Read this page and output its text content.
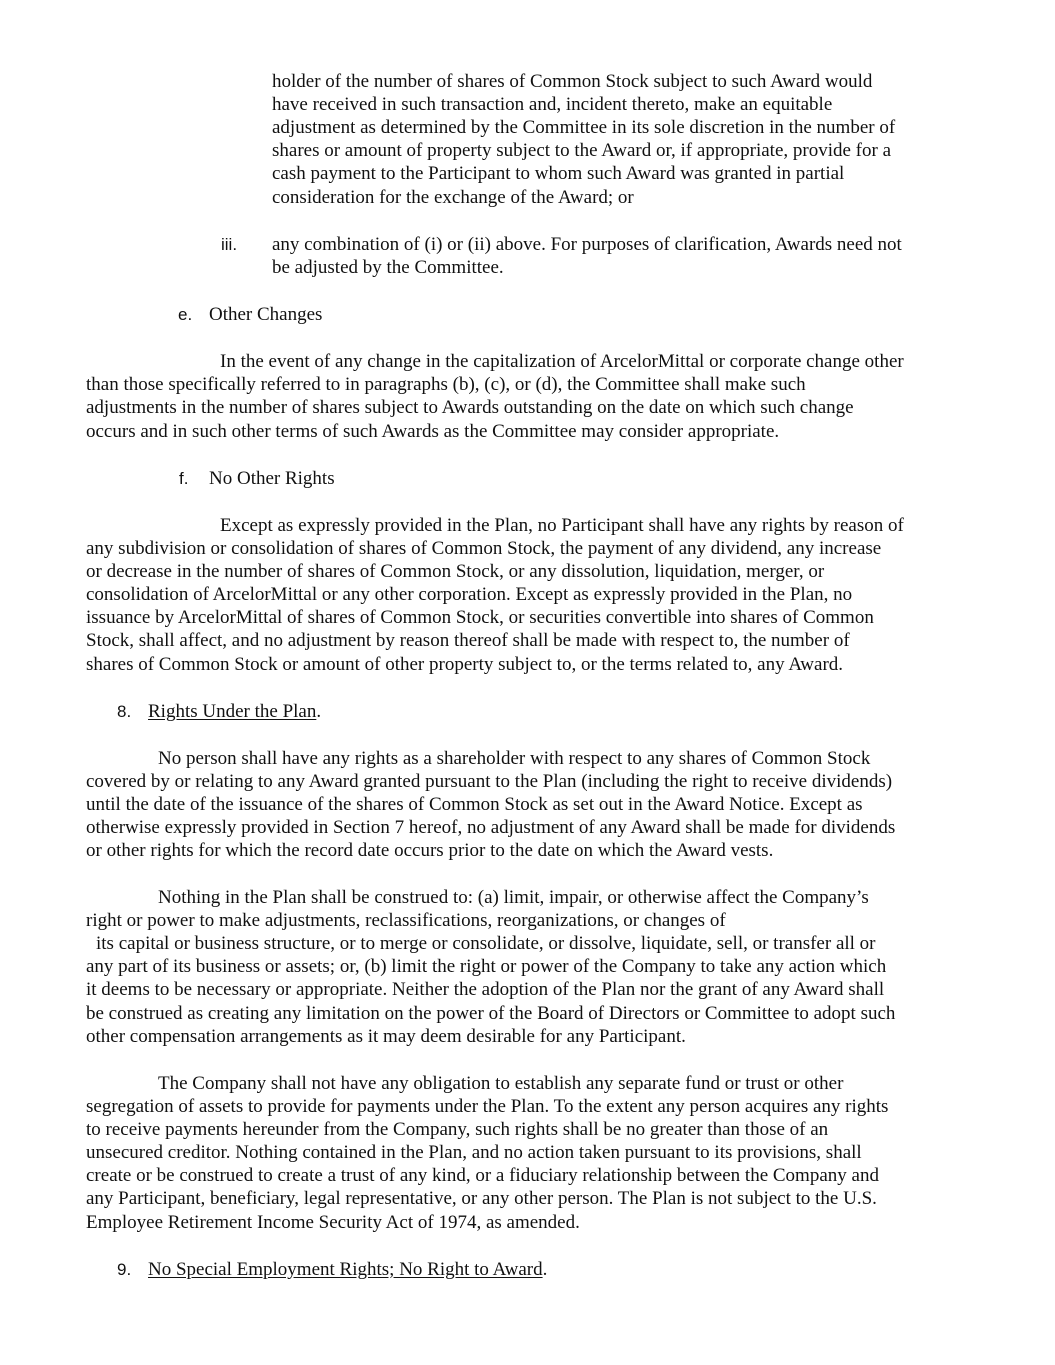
holder of the number of shares of Common Stock subject to such Award would
have received in such transaction and, incident thereto, make an equitable
adjustment as determined by the Committee in its sole discretion in the number of
shares or amount of property subject to the Award or, if appropriate, provide for a
cash payment to the Participant to whom such Award was granted in partial
consideration for the exchange of the Award; or
iii. any combination of (i) or (ii) above. For purposes of clarification, Awards need not
be adjusted by the Committee.
e. Other Changes
In the event of any change in the capitalization of ArcelorMittal or corporate change other
than those specifically referred to in paragraphs (b), (c), or (d), the Committee shall make such
adjustments in the number of shares subject to Awards outstanding on the date on which such change
occurs and in such other terms of such Awards as the Committee may consider appropriate.
f. No Other Rights
Except as expressly provided in the Plan, no Participant shall have any rights by reason of
any subdivision or consolidation of shares of Common Stock, the payment of any dividend, any increase
or decrease in the number of shares of Common Stock, or any dissolution, liquidation, merger, or
consolidation of ArcelorMittal or any other corporation. Except as expressly provided in the Plan, no
issuance by ArcelorMittal of shares of Common Stock, or securities convertible into shares of Common
Stock, shall affect, and no adjustment by reason thereof shall be made with respect to, the number of
shares of Common Stock or amount of other property subject to, or the terms related to, any Award.
8. Rights Under the Plan.
No person shall have any rights as a shareholder with respect to any shares of Common Stock
covered by or relating to any Award granted pursuant to the Plan (including the right to receive dividends)
until the date of the issuance of the shares of Common Stock as set out in the Award Notice. Except as
otherwise expressly provided in Section 7 hereof, no adjustment of any Award shall be made for dividends
or other rights for which the record date occurs prior to the date on which the Award vests.
Nothing in the Plan shall be construed to: (a) limit, impair, or otherwise affect the Company’s
right or power to make adjustments, reclassifications, reorganizations, or changes of
its capital or business structure, or to merge or consolidate, or dissolve, liquidate, sell, or transfer all or
any part of its business or assets; or, (b) limit the right or power of the Company to take any action which
it deems to be necessary or appropriate. Neither the adoption of the Plan nor the grant of any Award shall
be construed as creating any limitation on the power of the Board of Directors or Committee to adopt such
other compensation arrangements as it may deem desirable for any Participant.
The Company shall not have any obligation to establish any separate fund or trust or other
segregation of assets to provide for payments under the Plan. To the extent any person acquires any rights
to receive payments hereunder from the Company, such rights shall be no greater than those of an
unsecured creditor. Nothing contained in the Plan, and no action taken pursuant to its provisions, shall
create or be construed to create a trust of any kind, or a fiduciary relationship between the Company and
any Participant, beneficiary, legal representative, or any other person. The Plan is not subject to the U.S.
Employee Retirement Income Security Act of 1974, as amended.
9. No Special Employment Rights; No Right to Award.
